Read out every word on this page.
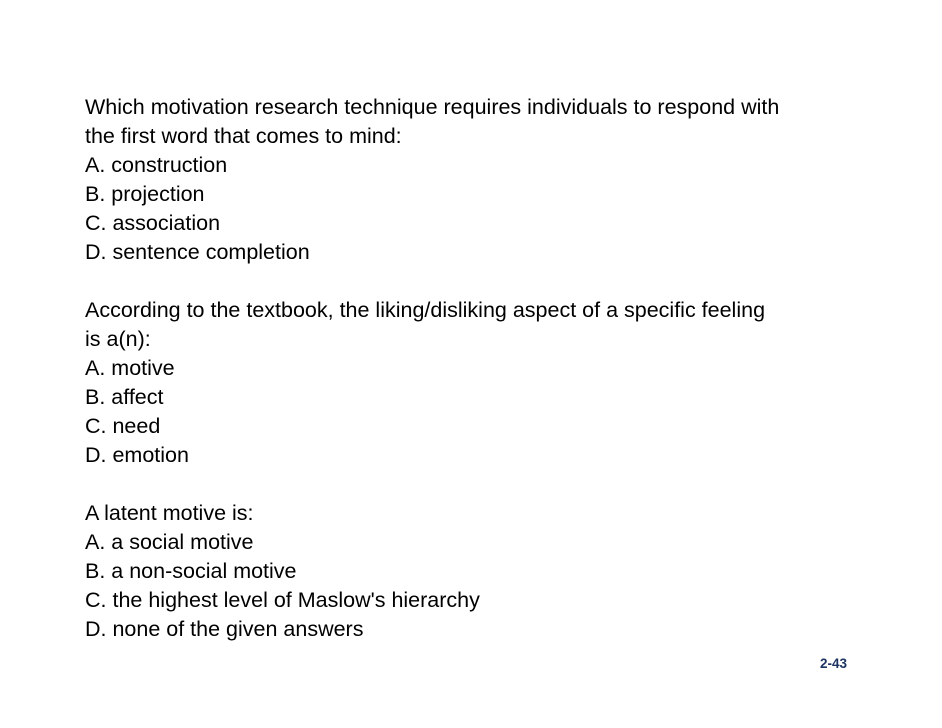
Which motivation research technique requires individuals to respond with
the first word that comes to mind:
A. construction
B. projection
C. association
D. sentence completion
According to the textbook, the liking/disliking aspect of a specific feeling
is a(n):
A. motive
B. affect
C. need
D. emotion
A latent motive is:
A. a social motive
B. a non-social motive
C. the highest level of Maslow's hierarchy
D. none of the given answers
2-43
